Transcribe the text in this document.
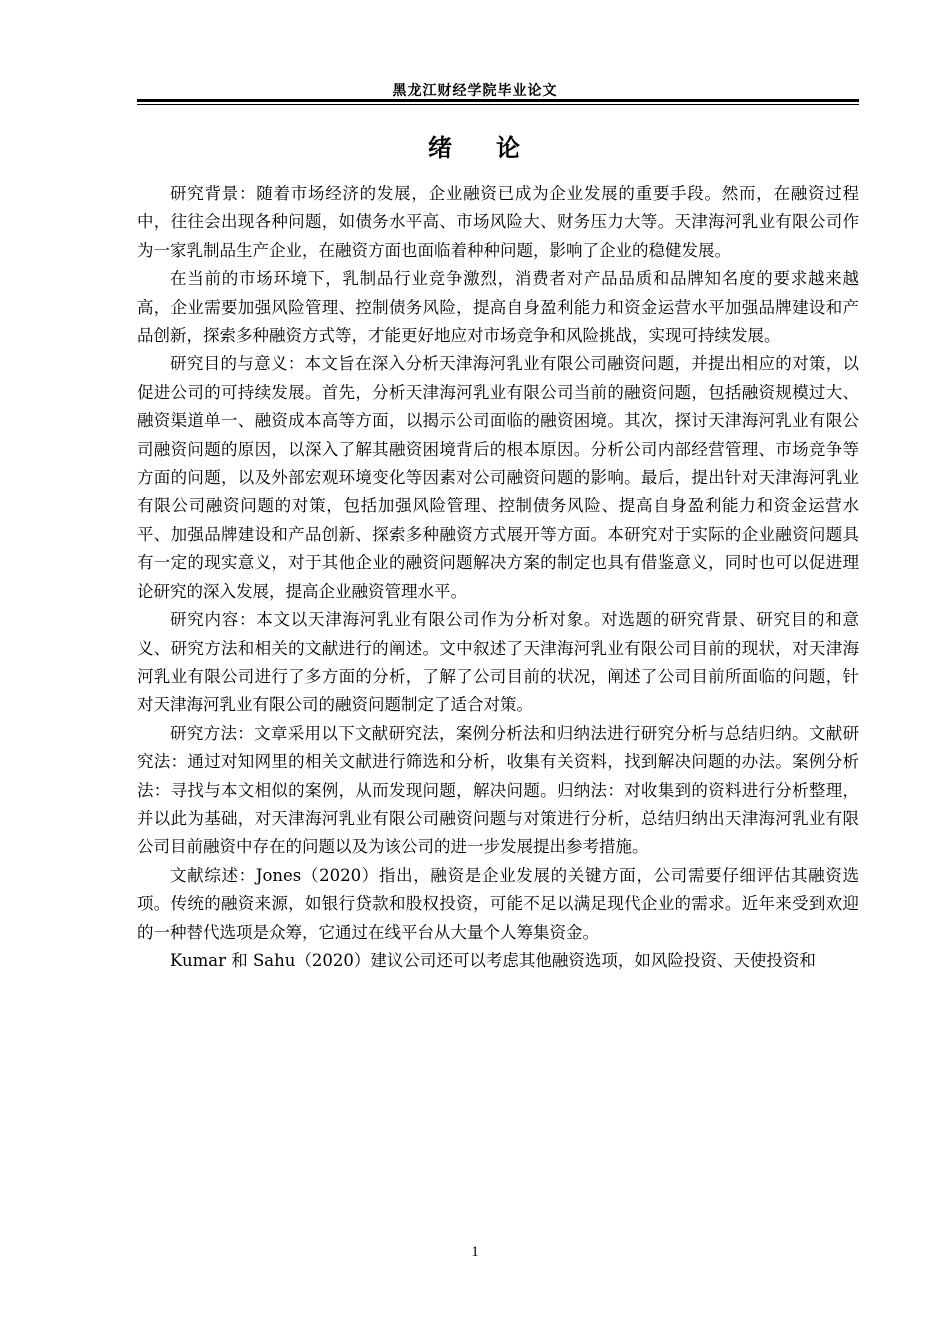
黑龙江财经学院毕业论文
绪 论

研究背景：随着市场经济的发展，企业融资已成为企业发展的重要手段。然而，在融资过程中，往往会出现各种问题，如债务水平高、市场风险大、财务压力大等。天津海河乳业有限公司作为一家乳制品生产企业，在融资方面也面临着种种问题，影响了企业的稳健发展。

在当前的市场环境下，乳制品行业竞争激烈，消费者对产品品质和品牌知名度的要求越来越高，企业需要加强风险管理、控制债务风险，提高自身盈利能力和资金运营水平加强品牌建设和产品创新，探索多种融资方式等，才能更好地应对市场竞争和风险挑战，实现可持续发展。

研究目的与意义：本文旨在深入分析天津海河乳业有限公司融资问题，并提出相应的对策，以促进公司的可持续发展。首先，分析天津海河乳业有限公司当前的融资问题，包括融资规模过大、融资渠道单一、融资成本高等方面，以揭示公司面临的融资困境。其次，探讨天津海河乳业有限公司融资问题的原因，以深入了解其融资困境背后的根本原因。分析公司内部经营管理、市场竞争等方面的问题，以及外部宏观环境变化等因素对公司融资问题的影响。最后，提出针对天津海河乳业有限公司融资问题的对策，包括加强风险管理、控制债务风险、提高自身盈利能力和资金运营水平、加强品牌建设和产品创新、探索多种融资方式展开等方面。本研究对于实际的企业融资问题具有一定的现实意义，对于其他企业的融资问题解决方案的制定也具有借鉴意义，同时也可以促进理论研究的深入发展，提高企业融资管理水平。

研究内容：本文以天津海河乳业有限公司作为分析对象。对选题的研究背景、研究目的和意义、研究方法和相关的文献进行的阐述。文中叙述了天津海河乳业有限公司目前的现状，对天津海河乳业有限公司进行了多方面的分析，了解了公司目前的状况，阐述了公司目前所面临的问题，针对天津海河乳业有限公司的融资问题制定了适合对策。

研究方法：文章采用以下文献研究法，案例分析法和归纳法进行研究分析与总结归纳。文献研究法：通过对知网里的相关文献进行筛选和分析，收集有关资料，找到解决问题的办法。案例分析法：寻找与本文相似的案例，从而发现问题，解决问题。归纳法：对收集到的资料进行分析整理，并以此为基础，对天津海河乳业有限公司融资问题与对策进行分析，总结归纳出天津海河乳业有限公司目前融资中存在的问题以及为该公司的进一步发展提出参考措施。

文献综述：Jones（2020）指出，融资是企业发展的关键方面，公司需要仔细评估其融资选项。传统的融资来源，如银行贷款和股权投资，可能不足以满足现代企业的需求。近年来受到欢迎的一种替代选项是众筹，它通过在线平台从大量个人筹集资金。

Kumar 和 Sahu（2020）建议公司还可以考虑其他融资选项，如风险投资、天使投资和

1
